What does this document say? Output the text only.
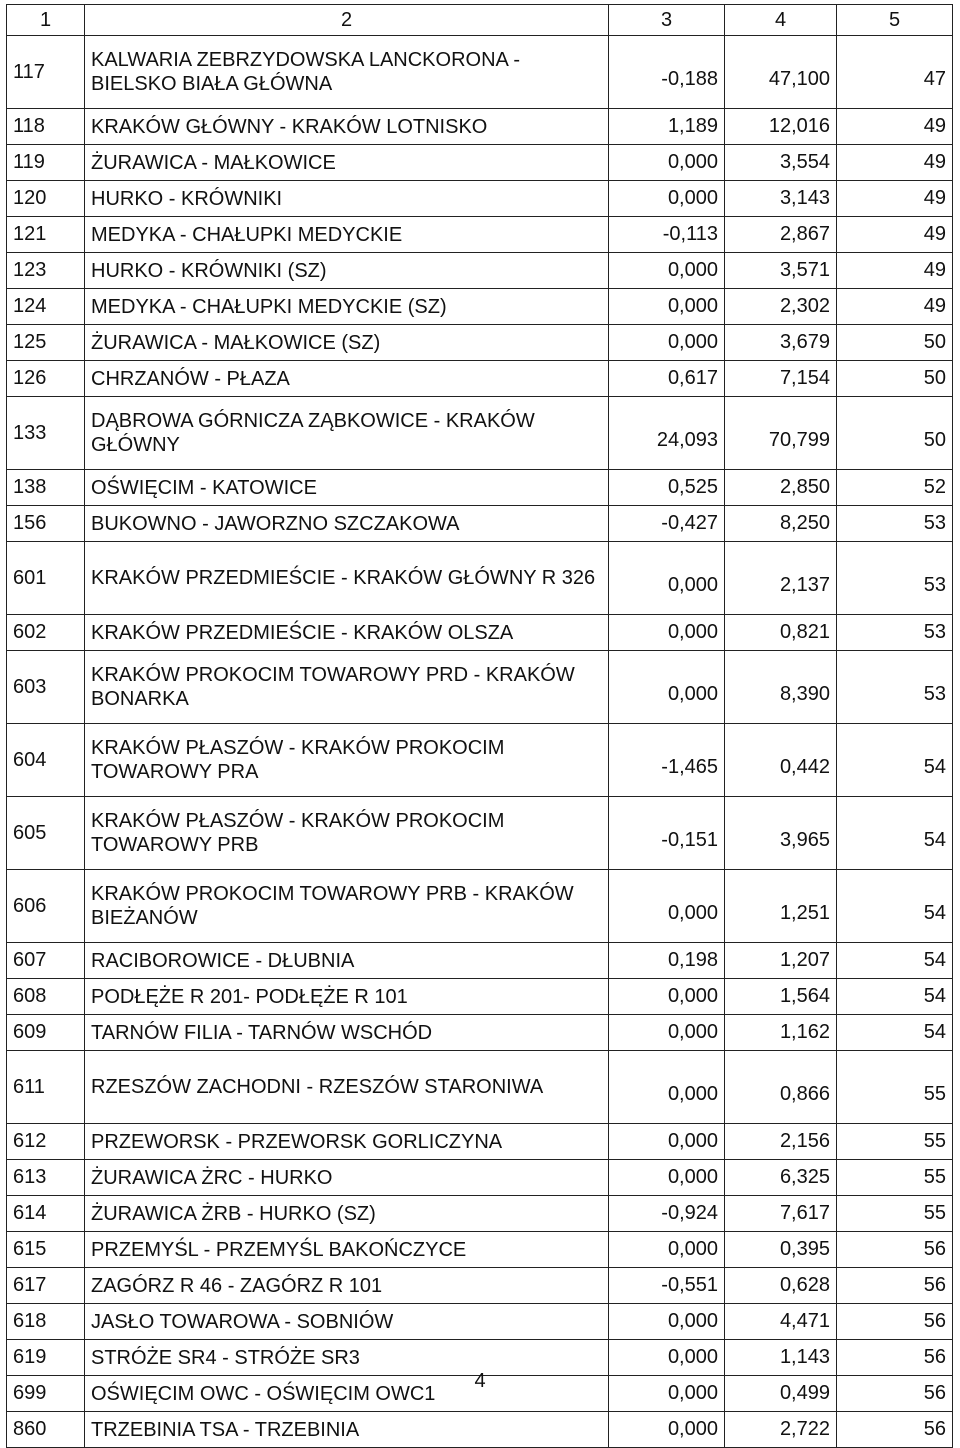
1	2	3	4	5
117	KALWARIA ZEBRZYDOWSKA LANCKORONA - BIELSKO BIAŁA GŁÓWNA	-0,188	47,100	47
118	KRAKÓW GŁÓWNY - KRAKÓW LOTNISKO	1,189	12,016	49
119	ŻURAWICA - MAŁKOWICE	0,000	3,554	49
120	HURKO - KRÓWNIKI	0,000	3,143	49
121	MEDYKA - CHAŁUPKI MEDYCKIE	-0,113	2,867	49
123	HURKO - KRÓWNIKI (SZ)	0,000	3,571	49
124	MEDYKA - CHAŁUPKI MEDYCKIE (SZ)	0,000	2,302	49
125	ŻURAWICA - MAŁKOWICE (SZ)	0,000	3,679	50
126	CHRZANÓW - PŁAZA	0,617	7,154	50
133	DĄBROWA GÓRNICZA ZĄBKOWICE - KRAKÓW GŁÓWNY	24,093	70,799	50
138	OŚWIĘCIM - KATOWICE	0,525	2,850	52
156	BUKOWNO - JAWORZNO SZCZAKOWA	-0,427	8,250	53
601	KRAKÓW PRZEDMIEŚCIE - KRAKÓW GŁÓWNY R 326	0,000	2,137	53
602	KRAKÓW PRZEDMIEŚCIE - KRAKÓW OLSZA	0,000	0,821	53
603	KRAKÓW PROKOCIM TOWAROWY PRD - KRAKÓW BONARKA	0,000	8,390	53
604	KRAKÓW PŁASZÓW - KRAKÓW PROKOCIM TOWAROWY PRA	-1,465	0,442	54
605	KRAKÓW PŁASZÓW - KRAKÓW PROKOCIM TOWAROWY PRB	-0,151	3,965	54
606	KRAKÓW PROKOCIM TOWAROWY PRB - KRAKÓW BIEŻANÓW	0,000	1,251	54
607	RACIBOROWICE - DŁUBNIA	0,198	1,207	54
608	PODŁĘŻE R 201- PODŁĘŻE R 101	0,000	1,564	54
609	TARNÓW FILIA - TARNÓW WSCHÓD	0,000	1,162	54
611	RZESZÓW ZACHODNI - RZESZÓW STARONIWA	0,000	0,866	55
612	PRZEWORSK - PRZEWORSK GORLICZYNA	0,000	2,156	55
613	ŻURAWICA ŻRC - HURKO	0,000	6,325	55
614	ŻURAWICA ŻRB - HURKO (SZ)	-0,924	7,617	55
615	PRZEMYŚL - PRZEMYŚL BAKOŃCZYCE	0,000	0,395	56
617	ZAGÓRZ R 46 - ZAGÓRZ R 101	-0,551	0,628	56
618	JASŁO TOWAROWA - SOBNIÓW	0,000	4,471	56
619	STRÓŻE SR4 - STRÓŻE SR3	0,000	1,143	56
699	OŚWIĘCIM OWC - OŚWIĘCIM OWC1	0,000	0,499	56
860	TRZEBINIA TSA - TRZEBINIA	0,000	2,722	56
4
